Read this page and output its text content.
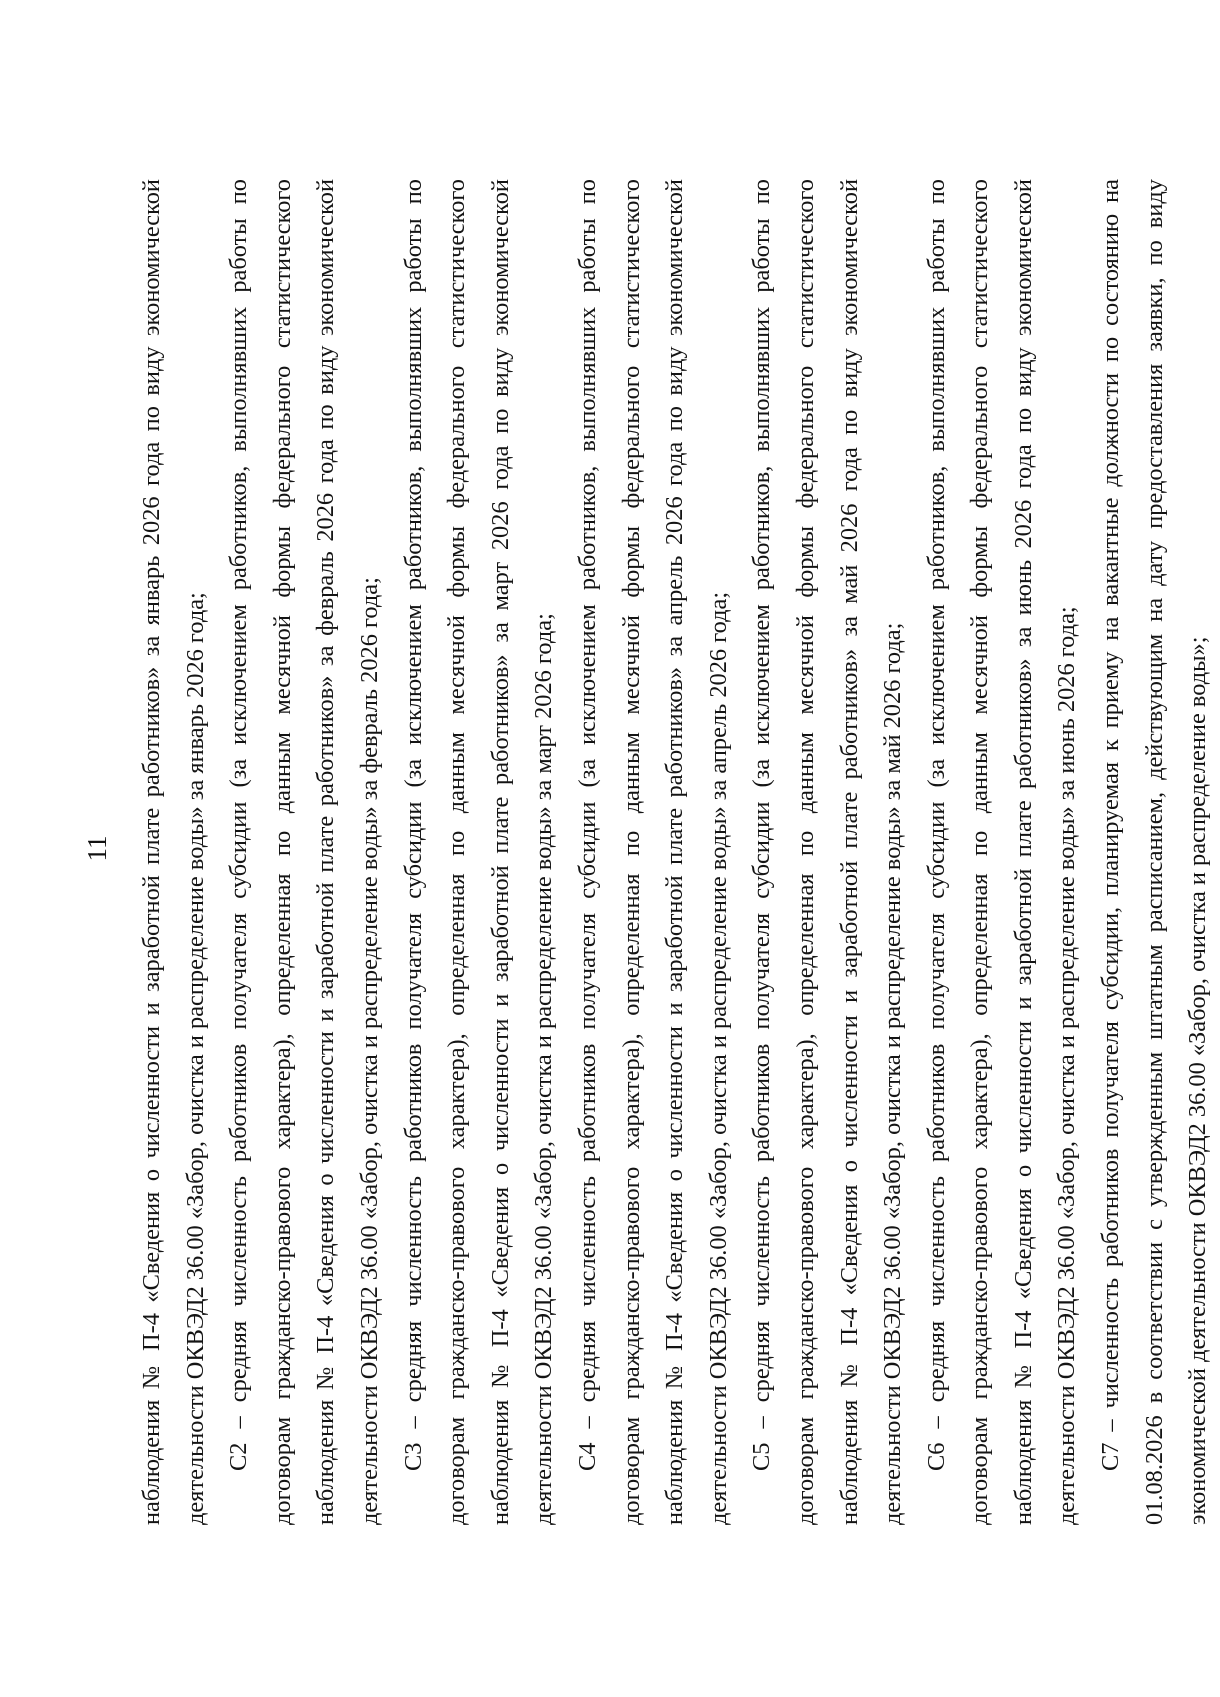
11	наблюдения № П-4 «Сведения о численности и заработной плате работников» за январь 2026 года по виду экономической деятельности ОКВЭД2 36.00 «Забор, очистка и распределение воды» за январь 2026 года; С2 – средняя численность работников получателя субсидии (за исключением работников, выполнявших работы по договорам гражданско-правового характера), определенная по данным месячной формы федерального статистического наблюдения № П-4 «Сведения о численности и заработной плате работников» за февраль 2026 года по виду экономической деятельности ОКВЭД2 36.00 «Забор, очистка и распределение воды» за февраль 2026 года; С3 – средняя численность работников получателя субсидии (за исключением работников, выполнявших работы по договорам гражданско-правового характера), определенная по данным месячной формы федерального статистического наблюдения № П-4 «Сведения о численности и заработной плате работников» за март 2026 года по виду экономической деятельности ОКВЭД2 36.00 «Забор, очистка и распределение воды» за март 2026 года; С4 – средняя численность работников получателя субсидии (за исключением работников, выполнявших работы по договорам гражданско-правового характера), определенная по данным месячной формы федерального статистического наблюдения № П-4 «Сведения о численности и заработной плате работников» за апрель 2026 года по виду экономической деятельности ОКВЭД2 36.00 «Забор, очистка и распределение воды» за апрель 2026 года; С5 – средняя численность работников получателя субсидии (за исключением работников, выполнявших работы по договорам гражданско-правового характера), определенная по данным месячной формы федерального статистического наблюдения № П-4 «Сведения о численности и заработной плате работников» за май 2026 года по виду экономической деятельности ОКВЭД2 36.00 «Забор, очистка и распределение воды» за май 2026 года; С6 – средняя численность работников получателя субсидии (за исключением работников, выполнявших работы по договорам гражданско-правового характера), определенная по данным месячной формы федерального статистического наблюдения № П-4 «Сведения о численности и заработной плате работников» за июнь 2026 года по виду экономической деятельности ОКВЭД2 36.00 «Забор, очистка и распределение воды» за июнь 2026 года; С7 – численность работников получателя субсидии, планируемая к приему на вакантные должности по состоянию на 01.08.2026 в соответствии с утвержденным штатным расписанием, действующим на дату предоставления заявки, по виду экономической деятельности ОКВЭД2 36.00 «Забор, очистка и распределение воды»;
